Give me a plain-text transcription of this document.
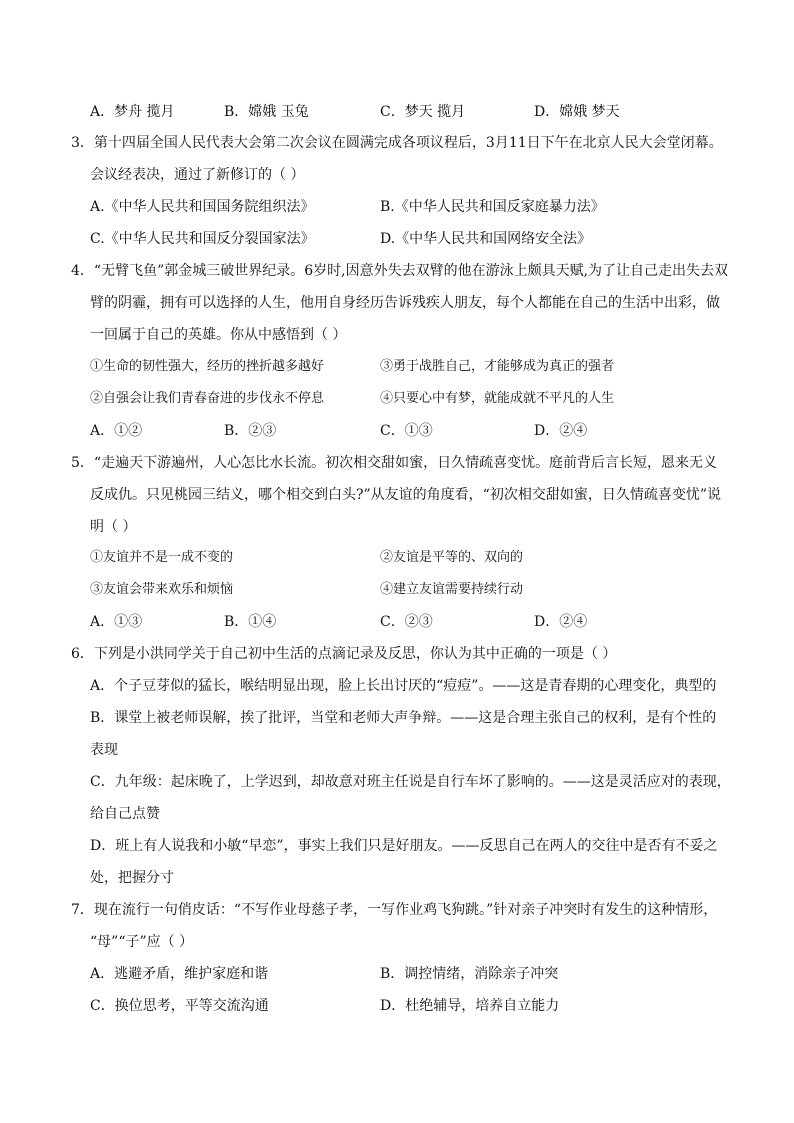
A．梦舟 揽月	B．嫦娥 玉兔	C．梦天 揽月	D．嫦娥 梦天
3．第十四届全国人民代表大会第二次会议在圆满完成各项议程后，3月11日下午在北京人民大会堂闭幕。
会议经表决，通过了新修订的（ ）
A.《中华人民共和国国务院组织法》	B.《中华人民共和国反家庭暴力法》
C.《中华人民共和国反分裂国家法》	D.《中华人民共和国网络安全法》
4．“无臂飞鱼”郭金城三破世界纪录。6岁时,因意外失去双臂的他在游泳上颇具天赋,为了让自己走出失去双
臂的阴霾，拥有可以选择的人生，他用自身经历告诉残疾人朋友，每个人都能在自己的生活中出彩，做
一回属于自己的英雄。你从中感悟到（ ）
①生命的韧性强大，经历的挫折越多越好	③勇于战胜自己，才能够成为真正的强者
②自强会让我们青春奋进的步伐永不停息	④只要心中有梦，就能成就不平凡的人生
A．①②	B．②③	C．①③	D．②④
5．“走遍天下游遍州，人心怎比水长流。初次相交甜如蜜，日久情疏喜变忧。庭前背后言长短，恩来无义
反成仇。只见桃园三结义，哪个相交到白头?”从友谊的角度看，“初次相交甜如蜜，日久情疏喜变忧”说
明（ ）
①友谊并不是一成不变的	②友谊是平等的、双向的
③友谊会带来欢乐和烦恼	④建立友谊需要持续行动
A．①③	B．①④	C．②③	D．②④
6．下列是小洪同学关于自己初中生活的点滴记录及反思，你认为其中正确的一项是（ ）
A．个子豆芽似的猛长，喉结明显出现，脸上长出讨厌的“痘痘”。——这是青春期的心理变化，典型的
B．课堂上被老师误解，挨了批评，当堂和老师大声争辩。——这是合理主张自己的权利，是有个性的
表现
C．九年级：起床晚了，上学迟到，却故意对班主任说是自行车坏了影响的。——这是灵活应对的表现，
给自己点赞
D．班上有人说我和小敏“早恋”，事实上我们只是好朋友。——反思自己在两人的交往中是否有不妥之
处，把握分寸
7．现在流行一句俏皮话：“不写作业母慈子孝，一写作业鸡飞狗跳。”针对亲子冲突时有发生的这种情形，
“母”“子”应（ ）
A．逃避矛盾，维护家庭和谐	B．调控情绪，消除亲子冲突
C．换位思考，平等交流沟通	D．杜绝辅导，培养自立能力
